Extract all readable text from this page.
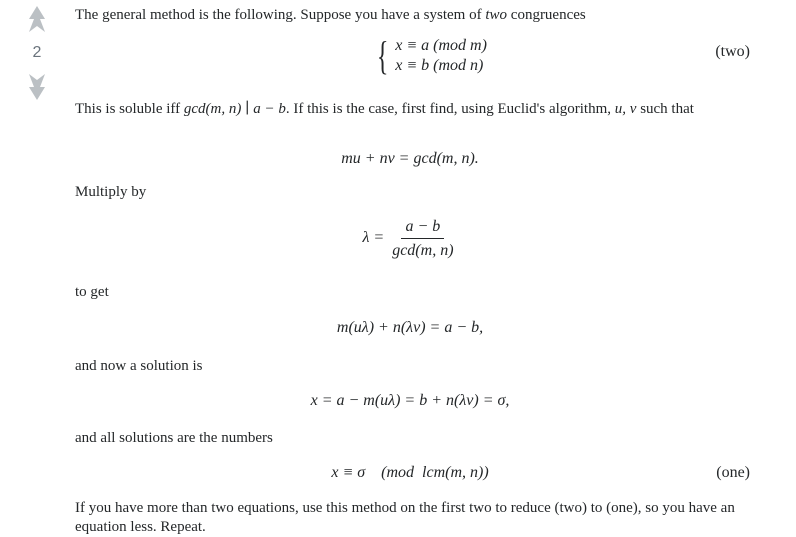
2

The general method is the following. Suppose you have a system of two congruences

{ x ≡ a (mod m)
x ≡ b (mod n)
(two)

This is soluble iff gcd(m, n) ∣ a − b. If this is the case, first find, using Euclid's algorithm, u, v such that

mu + nv = gcd(m, n).

Multiply by

$\lambda = \frac{a - b}{\gcd(m, n)}$

to get

m(uλ) + n(λv) = a − b,

and now a solution is

x = a − m(uλ) = b + n(λv) = σ,

and all solutions are the numbers

x ≡ σ    (mod  lcm(m, n))	(one)

If you have more than two equations, use this method on the first two to reduce (two) to (one), so you have an equation less. Repeat.
